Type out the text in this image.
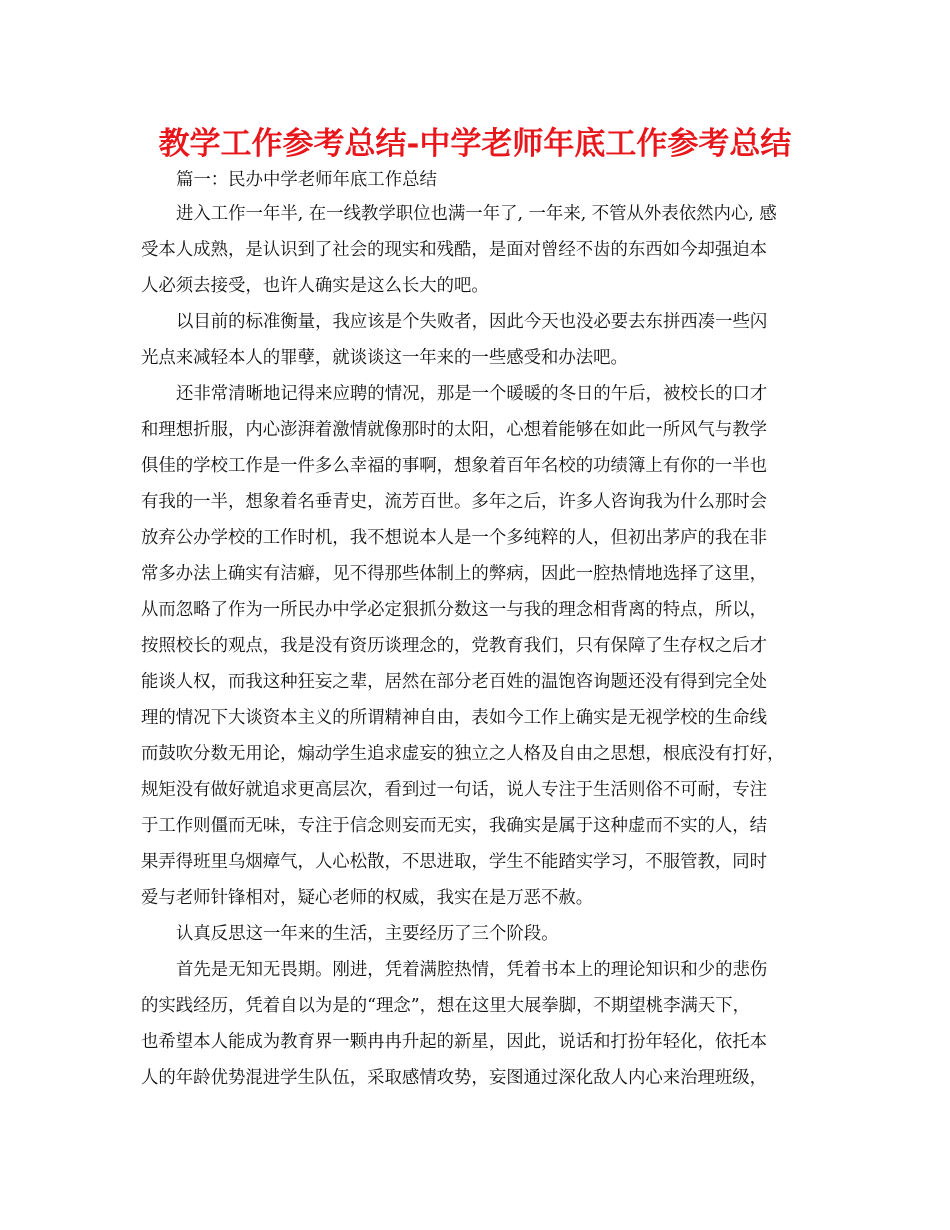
教学工作参考总结-中学老师年底工作参考总结

篇一：民办中学老师年底工作总结

进入工作一年半, 在一线教学职位也满一年了, 一年来, 不管从外表依然内心, 感
受本人成熟，是认识到了社会的现实和残酷，是面对曾经不齿的东西如今却强迫本
人必须去接受，也许人确实是这么长大的吧。

以目前的标准衡量，我应该是个失败者，因此今天也没必要去东拼西凑一些闪
光点来减轻本人的罪孽，就谈谈这一年来的一些感受和办法吧。

还非常清晰地记得来应聘的情况，那是一个暖暖的冬日的午后，被校长的口才
和理想折服，内心澎湃着激情就像那时的太阳，心想着能够在如此一所风气与教学
俱佳的学校工作是一件多么幸福的事啊，想象着百年名校的功绩簿上有你的一半也
有我的一半，想象着名垂青史，流芳百世。多年之后，许多人咨询我为什么那时会
放弃公办学校的工作时机，我不想说本人是一个多纯粹的人，但初出茅庐的我在非
常多办法上确实有洁癖，见不得那些体制上的弊病，因此一腔热情地选择了这里，
从而忽略了作为一所民办中学必定狠抓分数这一与我的理念相背离的特点，所以，
按照校长的观点，我是没有资历谈理念的，党教育我们，只有保障了生存权之后才
能谈人权，而我这种狂妄之辈，居然在部分老百姓的温饱咨询题还没有得到完全处
理的情况下大谈资本主义的所谓精神自由，表如今工作上确实是无视学校的生命线
而鼓吹分数无用论，煽动学生追求虚妄的独立之人格及自由之思想，根底没有打好，
规矩没有做好就追求更高层次，看到过一句话，说人专注于生活则俗不可耐，专注
于工作则僵而无味，专注于信念则妄而无实，我确实是属于这种虚而不实的人，结
果弄得班里乌烟瘴气，人心松散，不思进取，学生不能踏实学习，不服管教，同时
爱与老师针锋相对，疑心老师的权威，我实在是万恶不赦。

认真反思这一年来的生活，主要经历了三个阶段。

首先是无知无畏期。刚进，凭着满腔热情，凭着书本上的理论知识和少的悲伤
的实践经历，凭着自以为是的“理念”，想在这里大展拳脚，不期望桃李满天下，
也希望本人能成为教育界一颗冉冉升起的新星，因此，说话和打扮年轻化，依托本
人的年龄优势混进学生队伍，采取感情攻势，妄图通过深化敌人内心来治理班级，
